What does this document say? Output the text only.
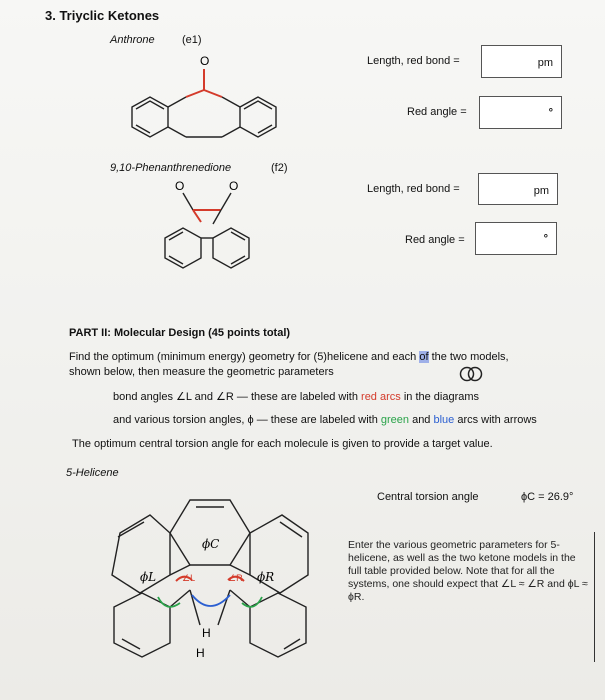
3. Triyclic Ketones
Anthrone (e1)
O	Length, red bond =	pm
Red angle =	°
9,10-Phenanthrenedione	(f2)
O	O	Length, red bond =	pm
Red angle =	°
PART II: Molecular Design (45 points total)
Find the optimum (minimum energy) geometry for (5)helicene and each of the two models,
shown below, then measure the geometric parameters
bond angles ∠L and ∠R — these are labeled with red arcs in the diagrams
and various torsion angles, ϕ — these are labeled with green and blue arcs with arrows
The optimum central torsion angle for each molecule is given to provide a target value.
5-Helicene
Central torsion angle	ϕC = 26.9°
ϕC
ϕL	ϕR
∠L	∠R
H
H
Enter the various geometric parameters for 5-helicene, as well as the two ketone models in the full table provided below. Note that for all the systems, one should expect that ∠L ≈ ∠R and ϕL ≈ ϕR.
